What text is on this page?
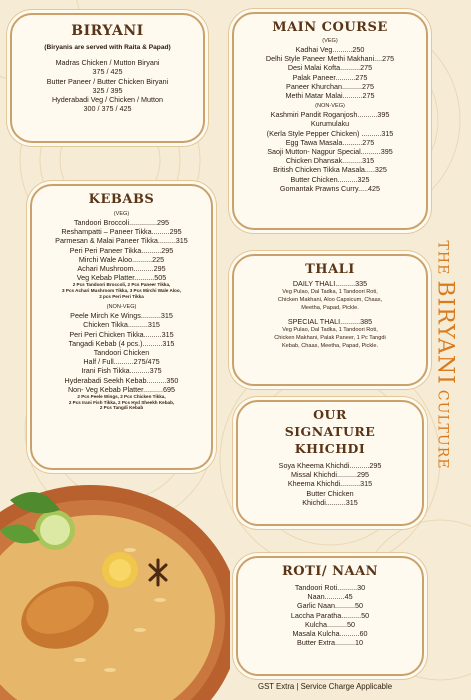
BIRYANI
(Biryanis are served with Raita & Papad)
Madras Chicken / Mutton Biryani
375 / 425
Butter Paneer / Butter Chicken Biryani
325 / 395
Hyderabadi Veg / Chicken / Mutton
300 / 375 / 425
KEBABS
(VEG)
Tandoori Broccoli..............295
Reshampatti – Paneer Tikka.........295
Parmesan & Malai Paneer Tikka.........315
Peri Peri Paneer Tikka..........295
Mirchi Wale Aloo..........225
Achari Mushroom..........295
Veg Kebab Platter..........505
2 Pcs Tandoori Broccoli, 2 Pcs Paneer Tikka,
3 Pcs Achari Mushroom Tikka, 3 Pcs Mirchi Wale Aloo,
2 pcs Peri Peri Tikka
(NON-VEG)
Peele Mirch Ke Wings..........315
Chicken Tikka..........315
Peri Peri Chicken Tikka.........315
Tangadi Kebab (4 pcs.)..........315
Tandoori Chicken
Half / Full..........275/475
Irani Fish Tikka..........375
Hyderabadi Seekh Kebab..........350
Non- Veg Kebab Platter..........695
2 Pcs Peele Wings, 2 Pcs Chicken Tikka,
2 Pcs Irani Fish Tikka, 2 Pcs Hyd Sheekh Kebab,
2 Pcs Tangdi Kebab
MAIN COURSE
(VEG)
Kadhai Veg..........250
Delhi Style Paneer Methi Makhani....275
Desi Malai Kofta..........275
Palak Paneer..........275
Paneer Khurchan..........275
Methi Matar Malai..........275
(NON-VEG)
Kashmiri Pandit Roganjosh..........395
Kurumulaku
(Kerla Style Pepper Chicken) ..........315
Egg Tawa Masala..........275
Saoji Mutton- Nagpur Special..........395
Chicken Dhansak..........315
British Chicken Tikka Masala.....325
Butter Chicken..........325
Gomantak Prawns Curry.....425
THALI
DAILY THALI..........335
Veg Pulao, Dal Tadka, 1 Tandoori Roti,
Chicken Makhani, Aloo Capsicum, Chaas,
Meetha, Papad, Pickle.
SPECIAL THALI..........385
Veg Pulao, Dal Tadka, 1 Tandoori Roti,
Chicken Makhani, Palak Paneer, 1 Pc Tangdi
Kebab, Chaas, Meetha, Papad, Pickle.
OUR
SIGNATURE
KHICHDI
Soya Kheema Khichdi..........295
Missal Khichdi..........295
Kheema Khichdi..........315
Butter Chicken
Khichdi..........315
ROTI/ NAAN
Tandoori Roti..........30
Naan..........45
Garlic Naan..........50
Laccha Paratha..........50
Kulcha..........50
Masala Kulcha..........60
Butter Extra..........10
THE BIRYANI CULTURE
GST Extra | Service Charge Applicable
